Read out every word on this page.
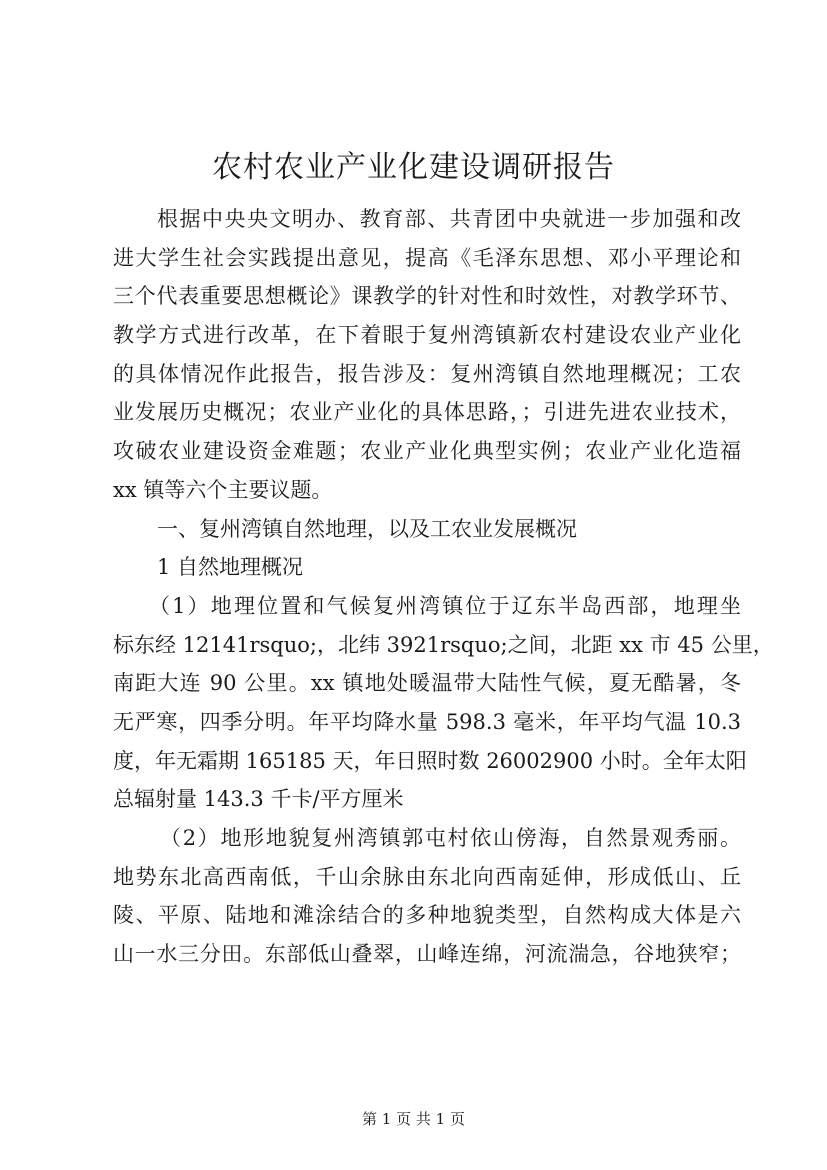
农村农业产业化建设调研报告
根据中央央文明办、教育部、共青团中央就进一步加强和改
进大学生社会实践提出意见，提高《毛泽东思想、邓小平理论和
三个代表重要思想概论》课教学的针对性和时效性，对教学环节、
教学方式进行改革，在下着眼于复州湾镇新农村建设农业产业化
的具体情况作此报告，报告涉及：复州湾镇自然地理概况；工农
业发展历史概况；农业产业化的具体思路，；引进先进农业技术，
攻破农业建设资金难题；农业产业化典型实例；农业产业化造福
xx 镇等六个主要议题。
一、复州湾镇自然地理，以及工农业发展概况
1 自然地理概况
（1）地理位置和气候复州湾镇位于辽东半岛西部，地理坐
标东经 12141rsquo;，北纬 3921rsquo;之间，北距 xx 市 45 公里，
南距大连 90 公里。xx 镇地处暖温带大陆性气候，夏无酷暑，冬
无严寒，四季分明。年平均降水量 598.3 毫米，年平均气温 10.3
度，年无霜期 165185 天，年日照时数 26002900 小时。全年太阳
总辐射量 143.3 千卡/平方厘米
（2）地形地貌复州湾镇郭屯村依山傍海，自然景观秀丽。
地势东北高西南低，千山余脉由东北向西南延伸，形成低山、丘
陵、平原、陆地和滩涂结合的多种地貌类型，自然构成大体是六
山一水三分田。东部低山叠翠，山峰连绵，河流湍急，谷地狭窄；
第 1 页 共 1 页
